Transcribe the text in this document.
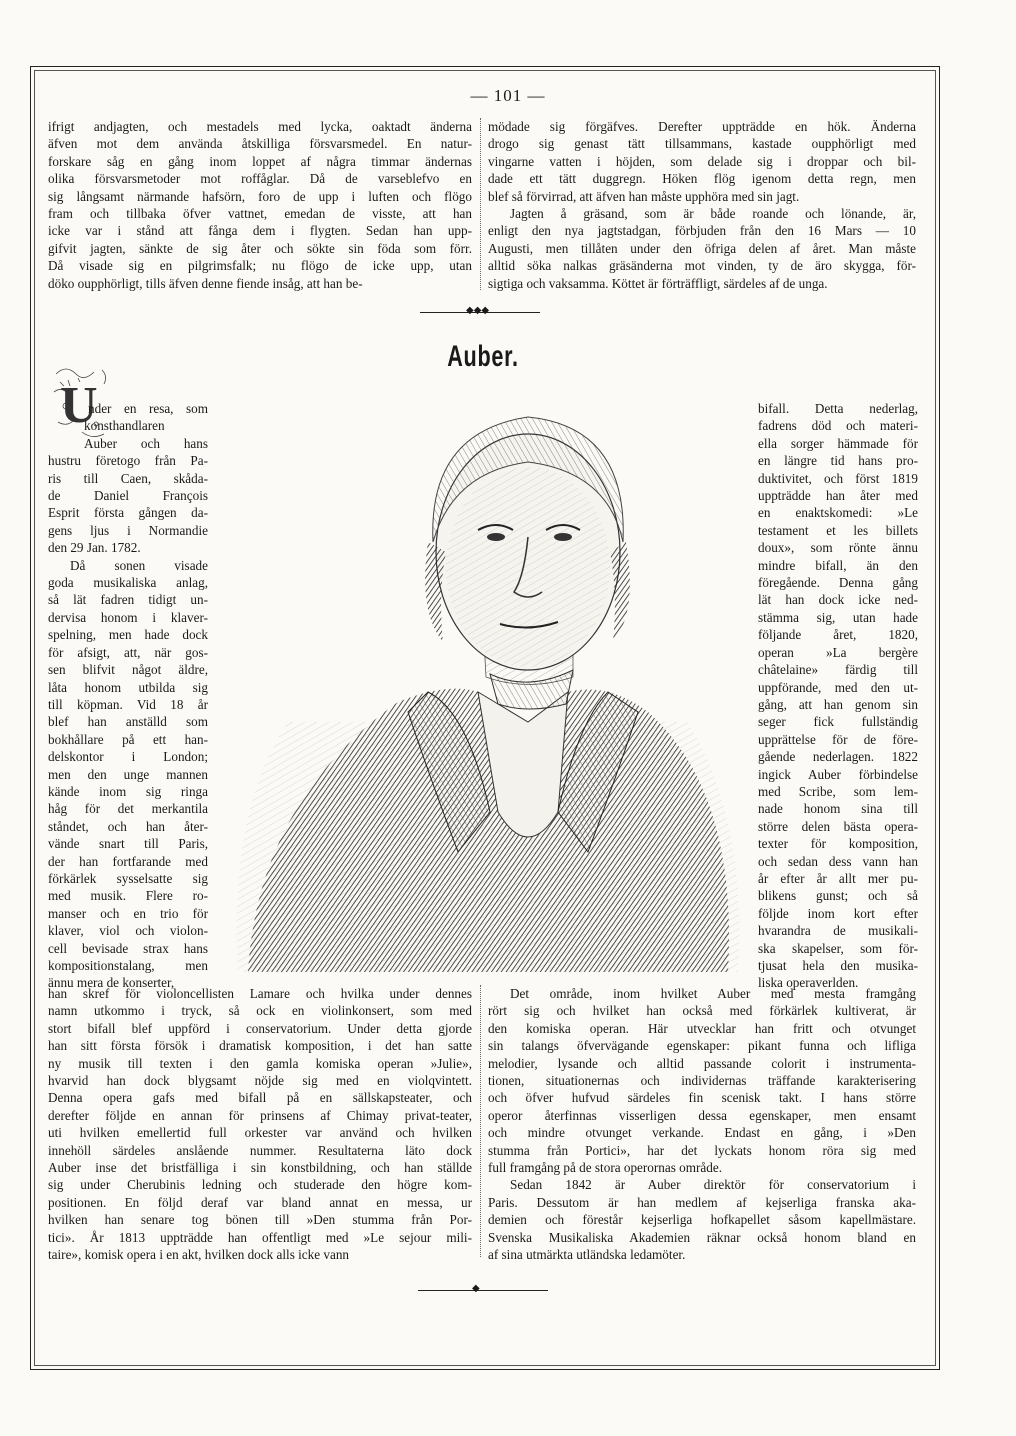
— 101 —
ifrigt andjagten, och mestadels med lycka, oaktadt änderna
äfven mot dem använda åtskilliga försvarsmedel. En natur-
forskare såg en gång inom loppet af några timmar ändernas
olika försvarsmetoder mot roffåglar. Då de varseblefvo en
sig långsamt närmande hafsörn, foro de upp i luften och flögo
fram och tillbaka öfver vattnet, emedan de visste, att han
icke var i stånd att fånga dem i flygten. Sedan han upp-
gifvit jagten, sänkte de sig åter och sökte sin föda som förr.
Då visade sig en pilgrimsfalk; nu flögo de icke upp, utan
döko oupphörligt, tills äfven denne fiende insåg, att han be-
mödade sig förgäfves. Derefter uppträdde en hök. Änderna
drogo sig genast tätt tillsammans, kastade oupphörligt med
vingarne vatten i höjden, som delade sig i droppar och bil-
dade ett tätt duggregn. Höken flög igenom detta regn, men
blef så förvirrad, att äfven han måste upphöra med sin jagt.
Jagten å gräsand, som är både roande och lönande, är,
enligt den nya jagtstadgan, förbjuden från den 16 Mars — 10
Augusti, men tillåten under den öfriga delen af året. Man måste
alltid söka nalkas gräsänderna mot vinden, ty de äro skygga, för-
sigtiga och vaksamma. Köttet är förträffligt, särdeles af de unga.
◆◆◆
Auber.
U
nder en resa, som
konsthandlaren
Auber och hans
hustru företogo från Pa-
ris till Caen, skåda-
de Daniel François
Esprit första gången da-
gens ljus i Normandie
den 29 Jan. 1782.
Då sonen visade
goda musikaliska anlag,
så lät fadren tidigt un-
dervisa honom i klaver-
spelning, men hade dock
för afsigt, att, när gos-
sen blifvit något äldre,
låta honom utbilda sig
till köpman. Vid 18 år
blef han anställd som
bokhållare på ett han-
delskontor i London;
men den unge mannen
kände inom sig ringa
håg för det merkantila
ståndet, och han åter-
vände snart till Paris,
der han fortfarande med
förkärlek sysselsatte sig
med musik. Flere ro-
manser och en trio för
klaver, viol och violon-
cell bevisade strax hans
kompositionstalang, men
ännu mera de konserter,
bifall. Detta nederlag,
fadrens död och materi-
ella sorger hämmade för
en längre tid hans pro-
duktivitet, och först 1819
uppträdde han åter med
en enaktskomedi: »Le
testament et les billets
doux», som rönte ännu
mindre bifall, än den
föregående. Denna gång
lät han dock icke ned-
stämma sig, utan hade
följande året, 1820,
operan »La bergère
châtelaine» färdig till
uppförande, med den ut-
gång, att han genom sin
seger fick fullständig
upprättelse för de före-
gående nederlagen. 1822
ingick Auber förbindelse
med Scribe, som lem-
nade honom sina till
större delen bästa opera-
texter för komposition,
och sedan dess vann han
år efter år allt mer pu-
blikens gunst; och så
följde inom kort efter
hvarandra de musikali-
ska skapelser, som för-
tjusat hela den musika-
liska operaverlden.
han skref för violoncellisten Lamare och hvilka under dennes
namn utkommo i tryck, så ock en violinkonsert, som med
stort bifall blef uppförd i conservatorium. Under detta gjorde
han sitt första försök i dramatisk komposition, i det han satte
ny musik till texten i den gamla komiska operan »Julie»,
hvarvid han dock blygsamt nöjde sig med en violqvintett.
Denna opera gafs med bifall på en sällskapsteater, och
derefter följde en annan för prinsens af Chimay privat-teater,
uti hvilken emellertid full orkester var använd och hvilken
innehöll särdeles anslående nummer. Resultaterna läto dock
Auber inse det bristfälliga i sin konstbildning, och han ställde
sig under Cherubinis ledning och studerade den högre kom-
positionen. En följd deraf var bland annat en messa, ur
hvilken han senare tog bönen till »Den stumma från Por-
tici». År 1813 uppträdde han offentligt med »Le sejour mili-
taire», komisk opera i en akt, hvilken dock alls icke vann
Det område, inom hvilket Auber med mesta framgång
rört sig och hvilket han också med förkärlek kultiverat, är
den komiska operan. Här utvecklar han fritt och otvunget
sin talangs öfvervägande egenskaper: pikant funna och lifliga
melodier, lysande och alltid passande colorit i instrumenta-
tionen, situationernas och individernas träffande karakterisering
och öfver hufvud särdeles fin scenisk takt. I hans större
operor återfinnas visserligen dessa egenskaper, men ensamt
och mindre otvunget verkande. Endast en gång, i »Den
stumma från Portici», har det lyckats honom röra sig med
full framgång på de stora operornas område.
Sedan 1842 är Auber direktör för conservatorium i
Paris. Dessutom är han medlem af kejserliga franska aka-
demien och förestår kejserliga hofkapellet såsom kapellmästare.
Svenska Musikaliska Akademien räknar också honom bland en
af sina utmärkta utländska ledamöter.
◆
